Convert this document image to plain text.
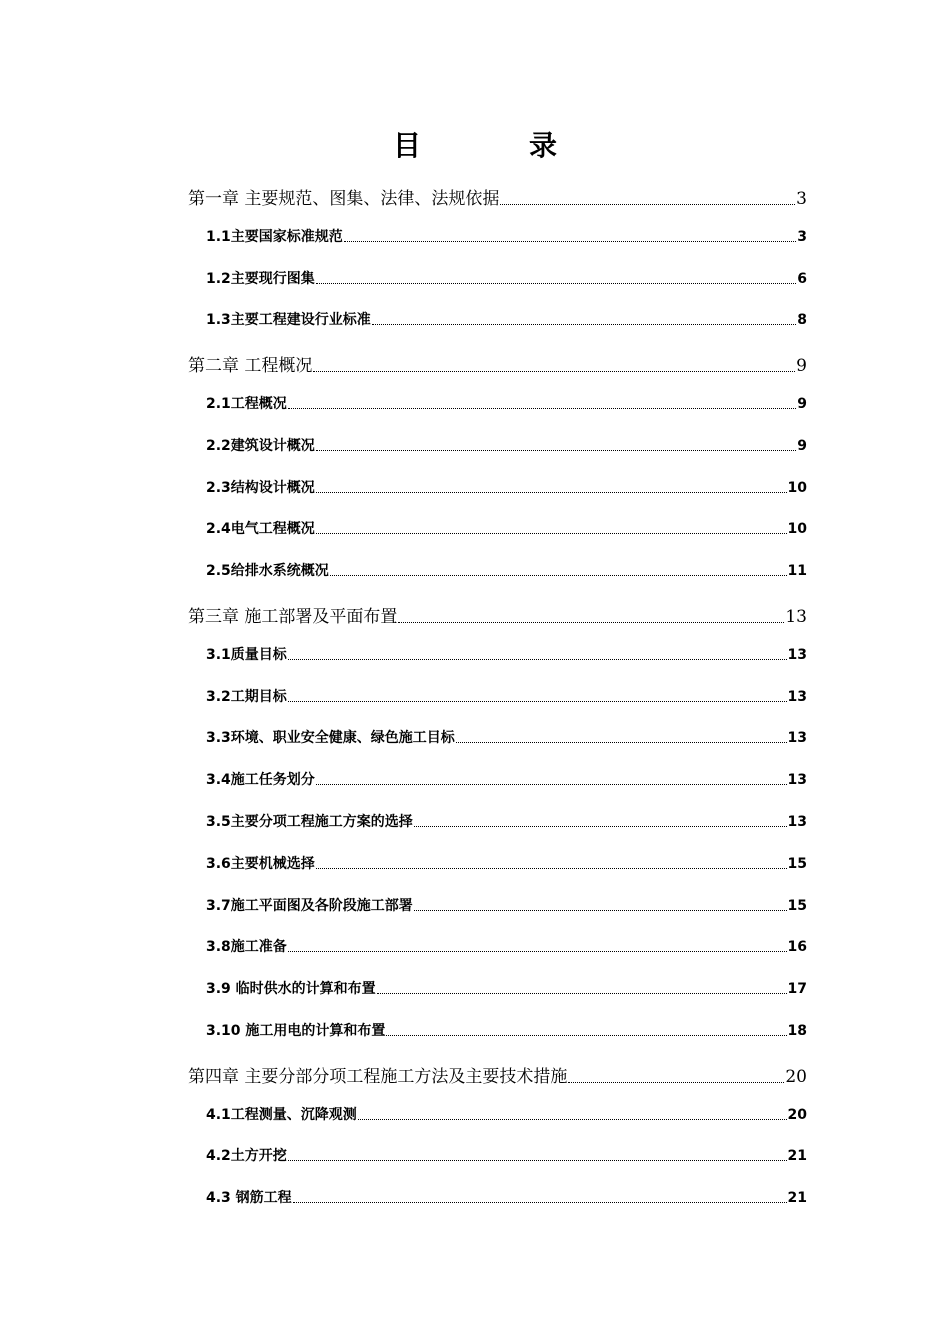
目　录
第一章 主要规范、图集、法律、法规依据	3
1.1主要国家标准规范	3
1.2主要现行图集	6
1.3主要工程建设行业标准	8
第二章 工程概况	9
2.1工程概况	9
2.2建筑设计概况	9
2.3结构设计概况	10
2.4电气工程概况	10
2.5给排水系统概况	11
第三章 施工部署及平面布置	13
3.1质量目标	13
3.2工期目标	13
3.3环境、职业安全健康、绿色施工目标	13
3.4施工任务划分	13
3.5主要分项工程施工方案的选择	13
3.6主要机械选择	15
3.7施工平面图及各阶段施工部署	15
3.8施工准备	16
3.9 临时供水的计算和布置	17
3.10 施工用电的计算和布置	18
第四章 主要分部分项工程施工方法及主要技术措施	20
4.1工程测量、沉降观测	20
4.2土方开挖	21
4.3 钢筋工程	21
